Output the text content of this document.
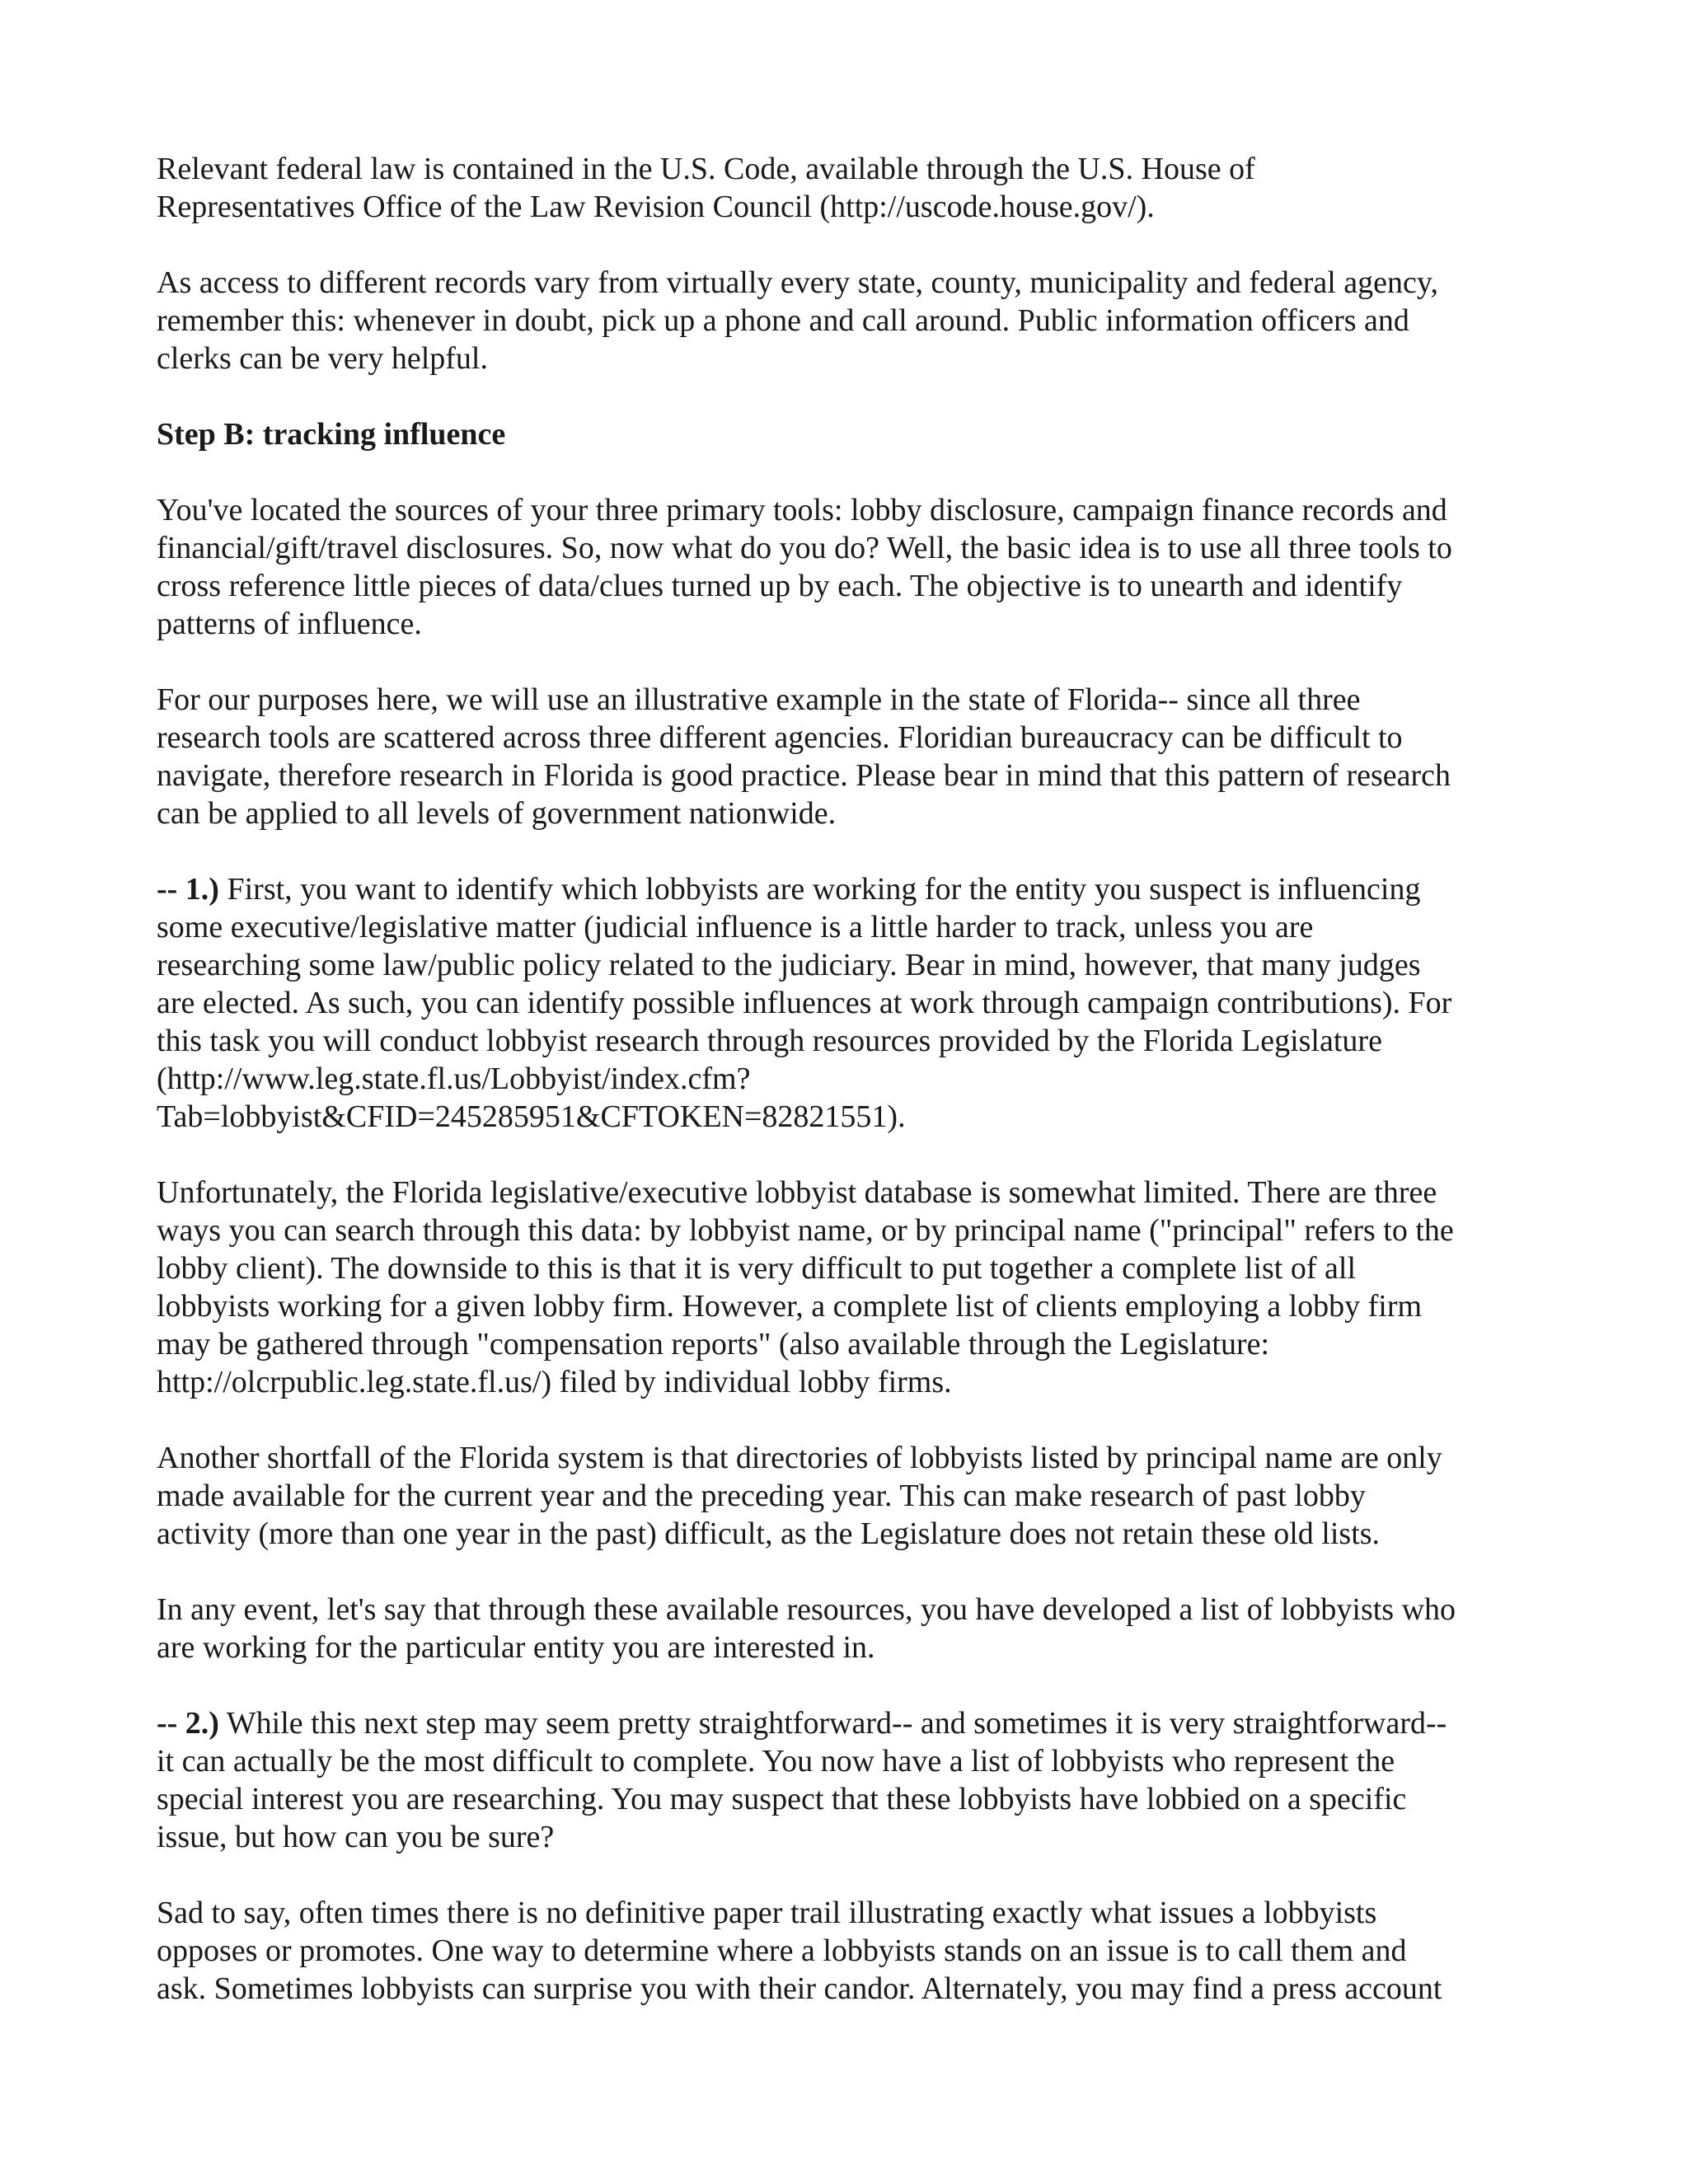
Relevant federal law is contained in the U.S. Code, available through the U.S. House of
Representatives Office of the Law Revision Council (http://uscode.house.gov/).

As access to different records vary from virtually every state, county, municipality and federal agency,
remember this: whenever in doubt, pick up a phone and call around. Public information officers and
clerks can be very helpful.

Step B: tracking influence

You've located the sources of your three primary tools: lobby disclosure, campaign finance records and
financial/gift/travel disclosures. So, now what do you do? Well, the basic idea is to use all three tools to
cross reference little pieces of data/clues turned up by each. The objective is to unearth and identify
patterns of influence.

For our purposes here, we will use an illustrative example in the state of Florida-- since all three
research tools are scattered across three different agencies. Floridian bureaucracy can be difficult to
navigate, therefore research in Florida is good practice. Please bear in mind that this pattern of research
can be applied to all levels of government nationwide.

-- 1.) First, you want to identify which lobbyists are working for the entity you suspect is influencing
some executive/legislative matter (judicial influence is a little harder to track, unless you are
researching some law/public policy related to the judiciary. Bear in mind, however, that many judges
are elected. As such, you can identify possible influences at work through campaign contributions). For
this task you will conduct lobbyist research through resources provided by the Florida Legislature
(http://www.leg.state.fl.us/Lobbyist/index.cfm?
Tab=lobbyist&CFID=245285951&CFTOKEN=82821551).

Unfortunately, the Florida legislative/executive lobbyist database is somewhat limited. There are three
ways you can search through this data: by lobbyist name, or by principal name ("principal" refers to the
lobby client). The downside to this is that it is very difficult to put together a complete list of all
lobbyists working for a given lobby firm. However, a complete list of clients employing a lobby firm
may be gathered through "compensation reports" (also available through the Legislature:
http://olcrpublic.leg.state.fl.us/) filed by individual lobby firms.

Another shortfall of the Florida system is that directories of lobbyists listed by principal name are only
made available for the current year and the preceding year. This can make research of past lobby
activity (more than one year in the past) difficult, as the Legislature does not retain these old lists.

In any event, let's say that through these available resources, you have developed a list of lobbyists who
are working for the particular entity you are interested in.

-- 2.) While this next step may seem pretty straightforward-- and sometimes it is very straightforward--
it can actually be the most difficult to complete. You now have a list of lobbyists who represent the
special interest you are researching. You may suspect that these lobbyists have lobbied on a specific
issue, but how can you be sure?

Sad to say, often times there is no definitive paper trail illustrating exactly what issues a lobbyists
opposes or promotes. One way to determine where a lobbyists stands on an issue is to call them and
ask. Sometimes lobbyists can surprise you with their candor. Alternately, you may find a press account
